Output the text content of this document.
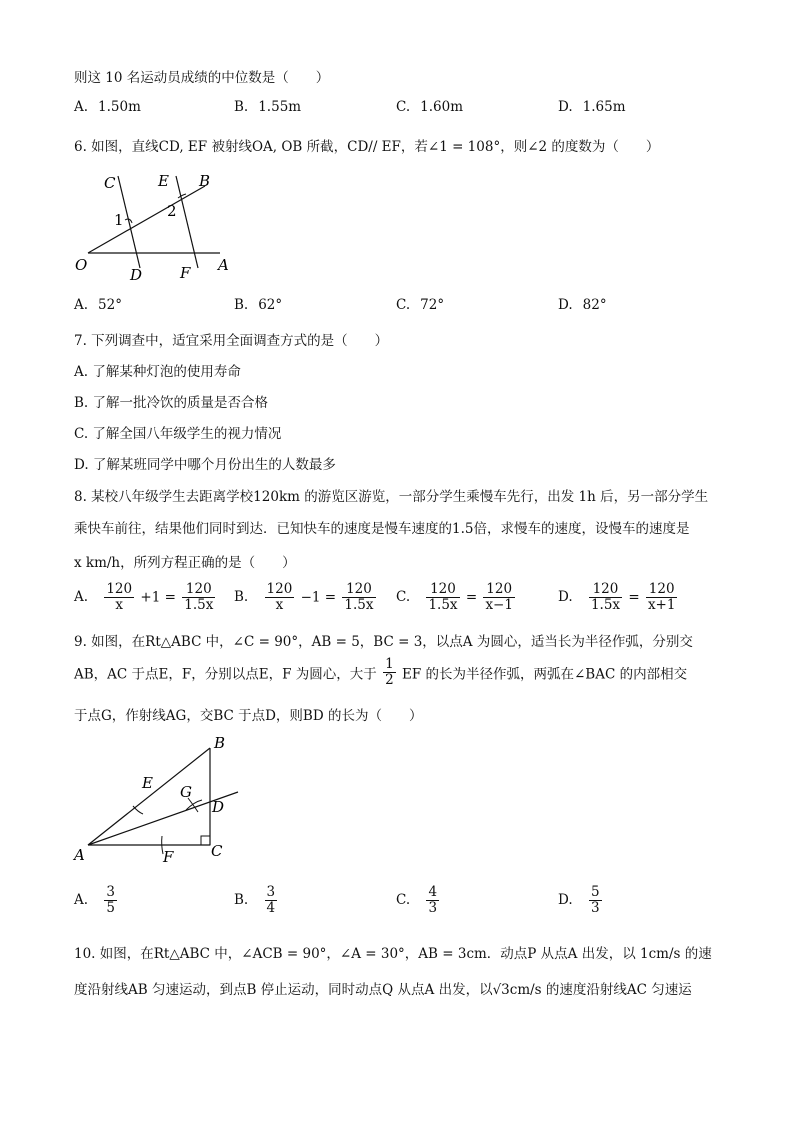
则这 10 名运动员成绩的中位数是（　　）
A. 1.50m	B. 1.55m	C. 1.60m	D. 1.65m
6. 如图，直线CD, EF 被射线OA, OB 所截，CD// EF，若∠1 = 108°，则∠2 的度数为（　　）
C	E B
1	2
O
D	F A
A. 52°	B. 62°	C. 72°	D. 82°
7. 下列调查中，适宜采用全面调查方式的是（　　）
A. 了解某种灯泡的使用寿命
B. 了解一批冷饮的质量是否合格
C. 了解全国八年级学生的视力情况
D. 了解某班同学中哪个月份出生的人数最多
8. 某校八年级学生去距离学校120km 的游览区游览，一部分学生乘慢车先行，出发 1h 后，另一部分学生
乘快车前往，结果他们同时到达．已知快车的速度是慢车速度的1.5倍，求慢车的速度，设慢车的速度是
x km/h，所列方程正确的是（　　）
A. $\frac{120}{x} +1 = \frac{120}{1.5x} B$. $\frac{120}{x} -1 = \frac{120}{1.5x} C$. $\frac{120}{1.5x} = \frac{120}{x-1}$	D. $\frac{120}{1.5x} = \frac{120}{x+1}$
9. 如图，在Rt△ABC 中，∠C = 90°，AB = 5，BC = 3，以点A 为圆心，适当长为半径作弧，分别交
AB，AC 于点E，F，分别以点E，F 为圆心，大于 $\frac{1}{2}$ EF 的长为半径作弧，两弧在∠BAC 的内部相交
于点G，作射线AG，交BC 于点D，则BD 的长为（　　）
B
E G
D
A	F	C
A. $\frac{3}{5}$	B. $\frac{3}{4}$	C. $\frac{4}{3}$	D. $\frac{5}{3}$
10. 如图，在Rt△ABC 中，∠ACB = 90°，∠A = 30°，AB = 3cm．动点P 从点A 出发，以 1cm/s 的速
度沿射线AB 匀速运动，到点B 停止运动，同时动点Q 从点A 出发，以√3cm/s 的速度沿射线AC 匀速运
